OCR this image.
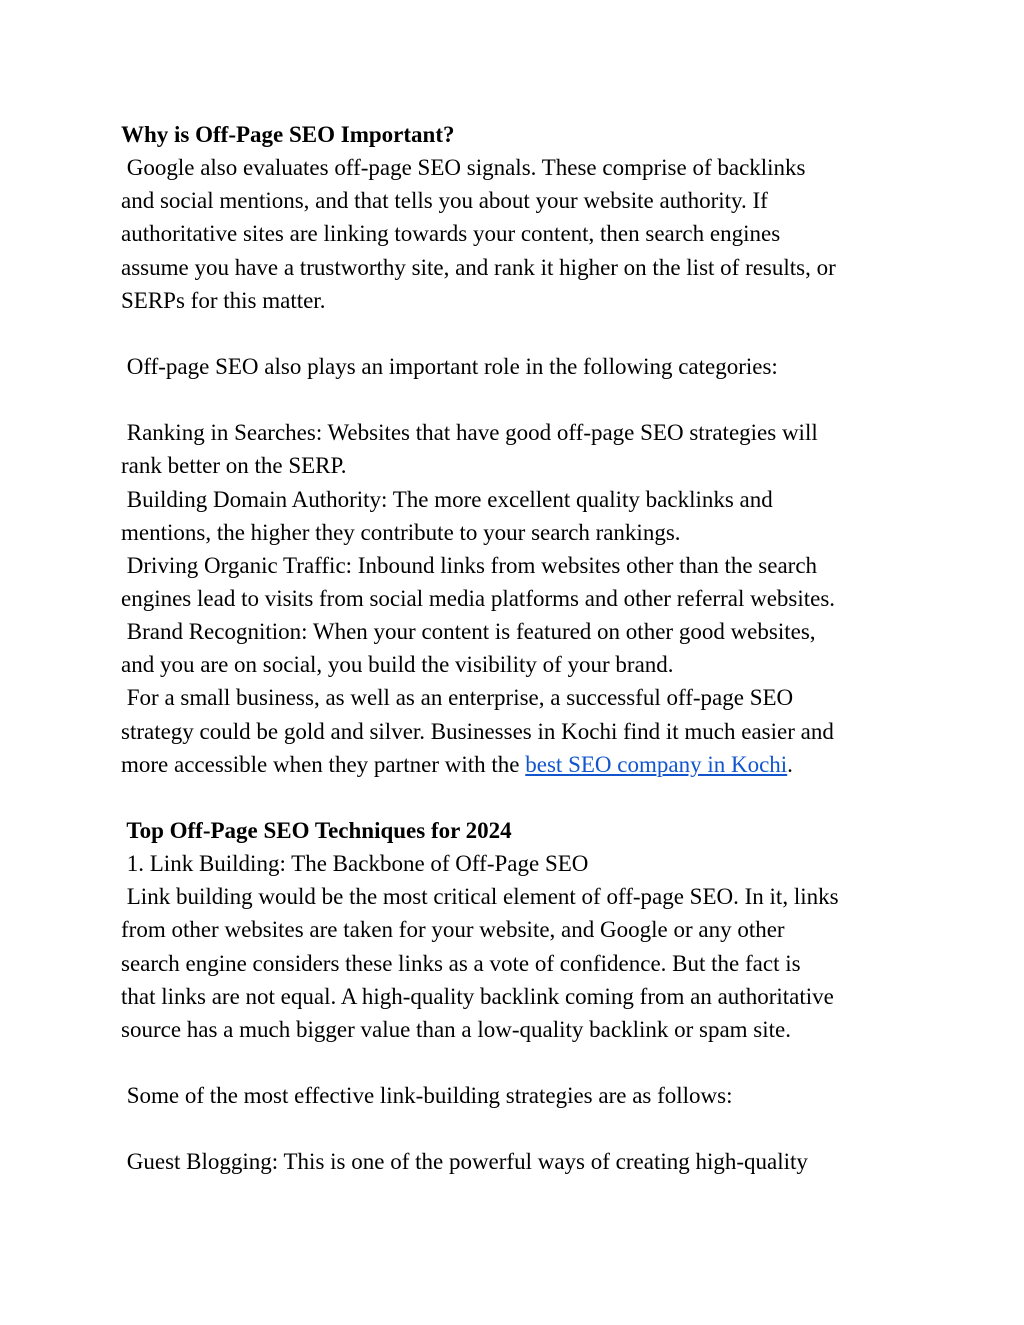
Why is Off-Page SEO Important?
Google also evaluates off-page SEO signals. These comprise of backlinks
and social mentions, and that tells you about your website authority. If
authoritative sites are linking towards your content, then search engines
assume you have a trustworthy site, and rank it higher on the list of results, or
SERPs for this matter.
Off-page SEO also plays an important role in the following categories:
Ranking in Searches: Websites that have good off-page SEO strategies will
rank better on the SERP.
Building Domain Authority: The more excellent quality backlinks and
mentions, the higher they contribute to your search rankings.
Driving Organic Traffic: Inbound links from websites other than the search
engines lead to visits from social media platforms and other referral websites.
Brand Recognition: When your content is featured on other good websites,
and you are on social, you build the visibility of your brand.
For a small business, as well as an enterprise, a successful off-page SEO
strategy could be gold and silver. Businesses in Kochi find it much easier and
more accessible when they partner with the best SEO company in Kochi.
Top Off-Page SEO Techniques for 2024
1. Link Building: The Backbone of Off-Page SEO
Link building would be the most critical element of off-page SEO. In it, links
from other websites are taken for your website, and Google or any other
search engine considers these links as a vote of confidence. But the fact is
that links are not equal. A high-quality backlink coming from an authoritative
source has a much bigger value than a low-quality backlink or spam site.
Some of the most effective link-building strategies are as follows:
Guest Blogging: This is one of the powerful ways of creating high-quality
